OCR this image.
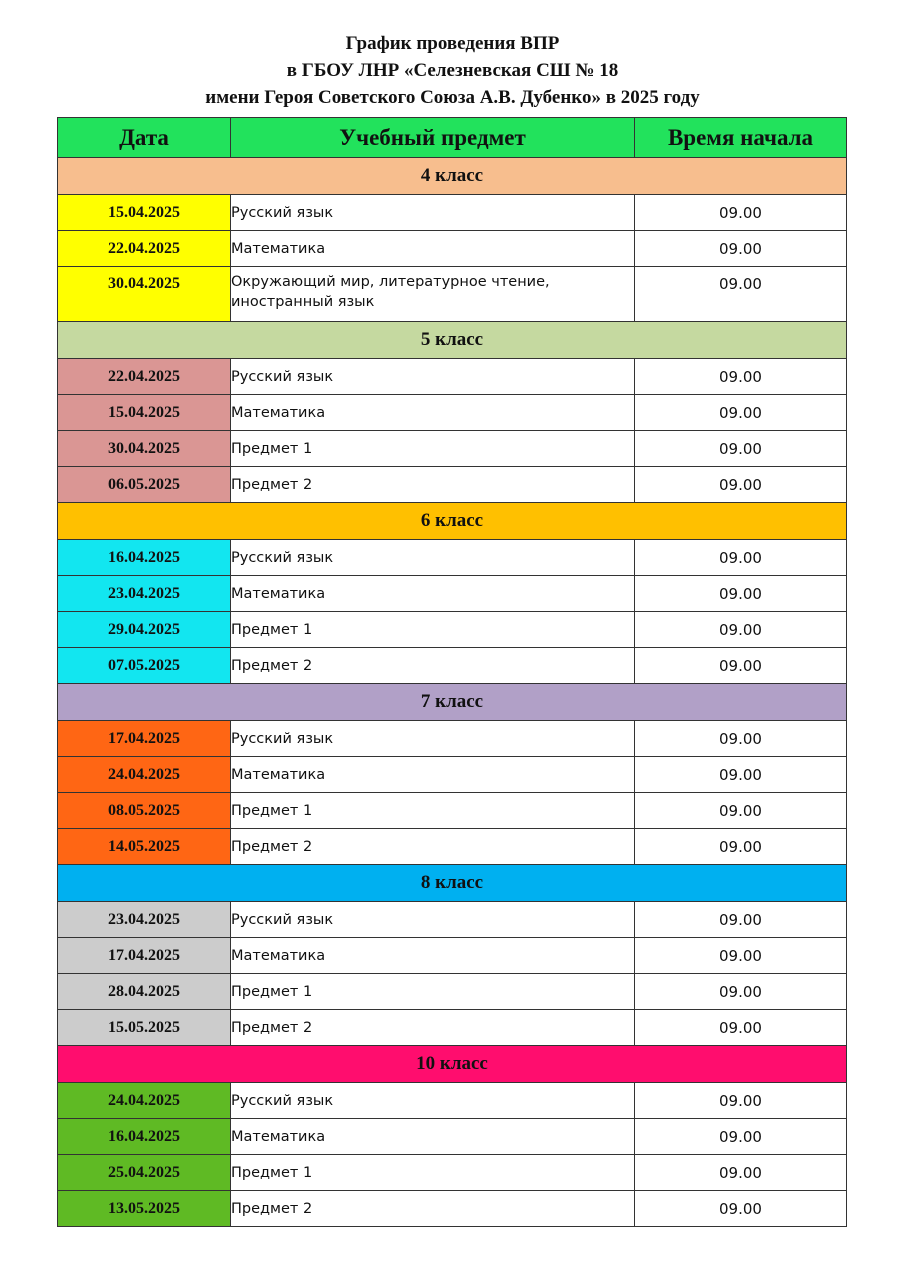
График проведения ВПР
в ГБОУ ЛНР «Селезневская СШ № 18
имени Героя Советского Союза А.В. Дубенко» в 2025 году
Дата	Учебный предмет	Время начала
4 класс		
15.04.2025	Русский язык	09.00
22.04.2025	Математика	09.00
30.04.2025	Окружающий мир, литературное чтение, иностранный язык	09.00
5 класс		
22.04.2025	Русский язык	09.00
15.04.2025	Математика	09.00
30.04.2025	Предмет 1	09.00
06.05.2025	Предмет 2	09.00
6 класс		
16.04.2025	Русский язык	09.00
23.04.2025	Математика	09.00
29.04.2025	Предмет 1	09.00
07.05.2025	Предмет 2	09.00
7 класс		
17.04.2025	Русский язык	09.00
24.04.2025	Математика	09.00
08.05.2025	Предмет 1	09.00
14.05.2025	Предмет 2	09.00
8 класс		
23.04.2025	Русский язык	09.00
17.04.2025	Математика	09.00
28.04.2025	Предмет 1	09.00
15.05.2025	Предмет 2	09.00
10 класс		
24.04.2025	Русский язык	09.00
16.04.2025	Математика	09.00
25.04.2025	Предмет 1	09.00
13.05.2025	Предмет 2	09.00
